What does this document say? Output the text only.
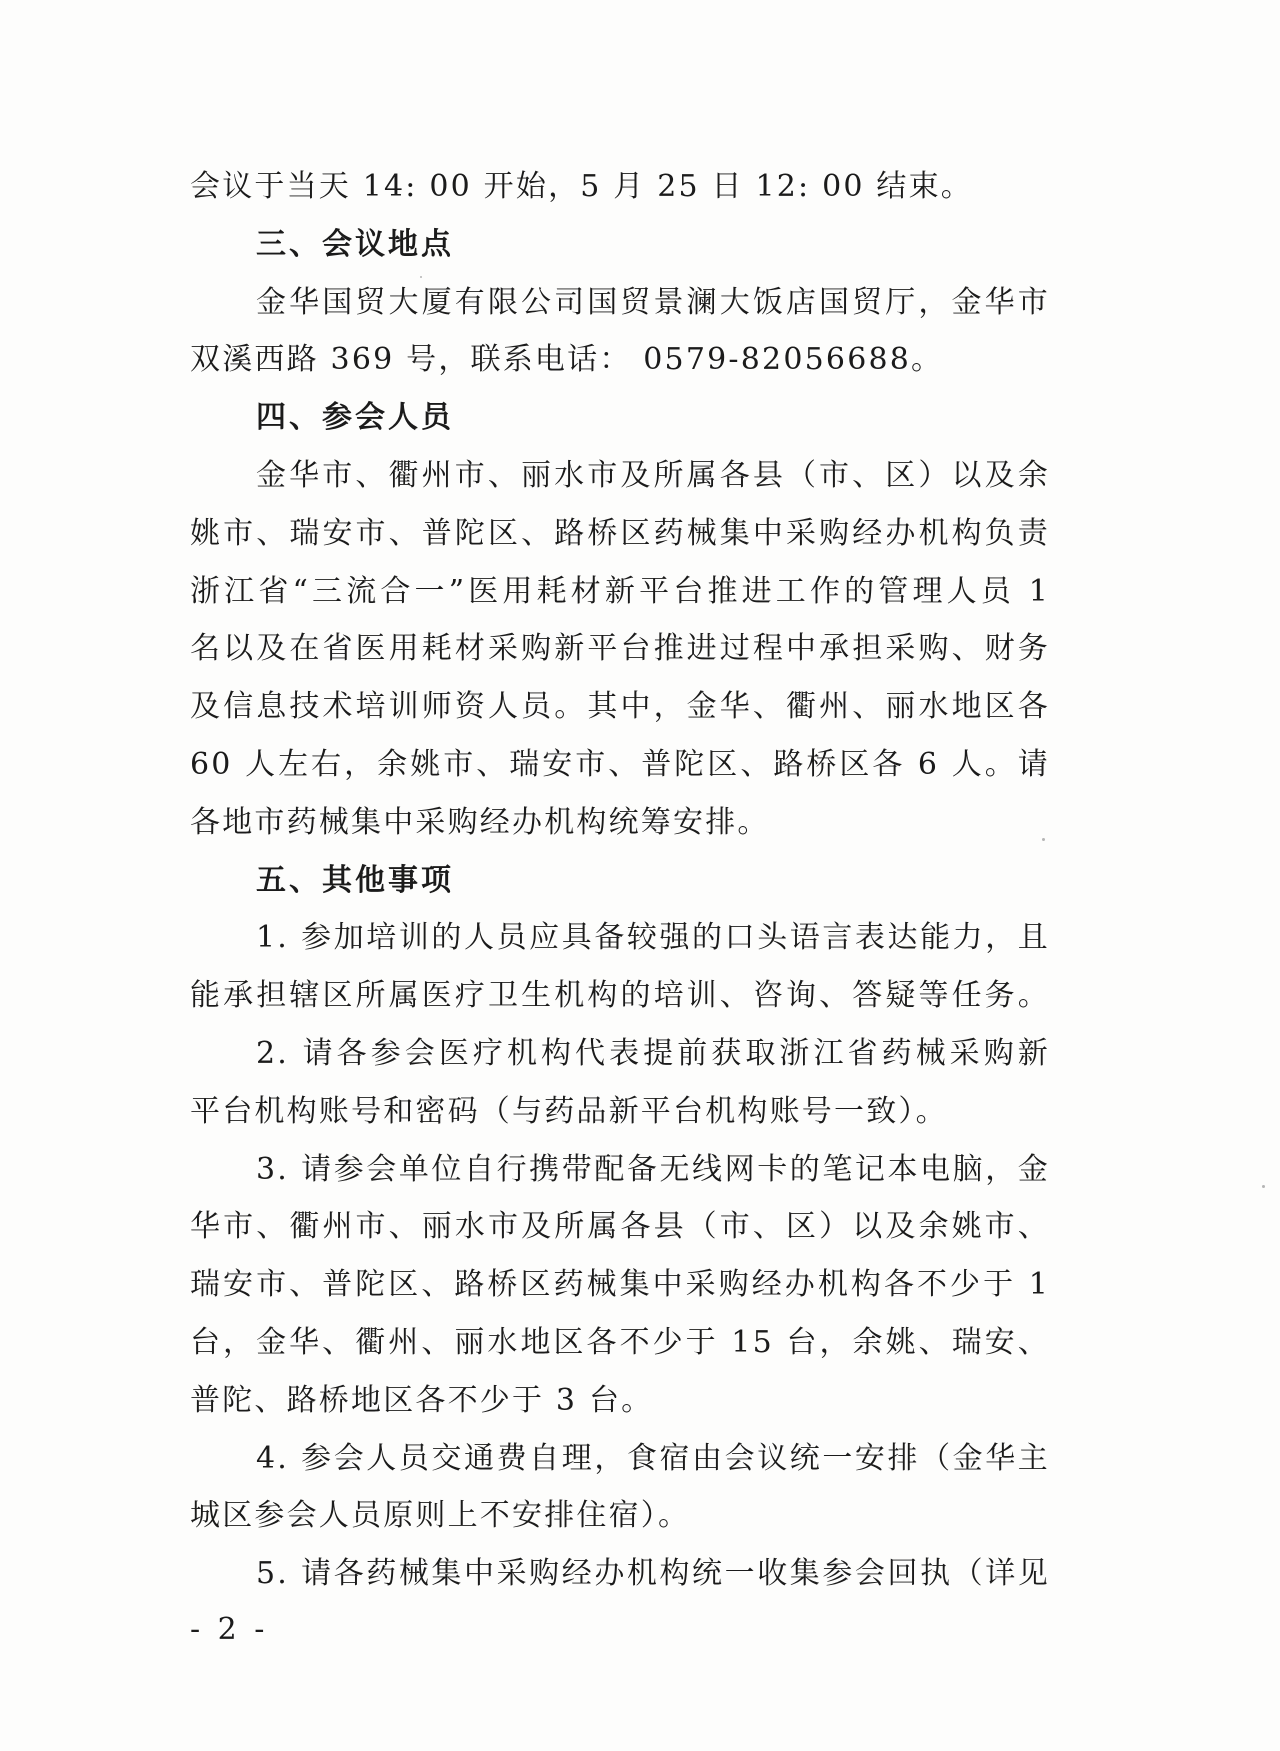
会议于当天 14: 00 开始，5 月 25 日 12: 00 结束。
三、会议地点
金华国贸大厦有限公司国贸景澜大饭店国贸厅，金华市
双溪西路 369 号，联系电话： 0579-82056688。
四、参会人员
金华市、衢州市、丽水市及所属各县（市、区）以及余
姚市、瑞安市、普陀区、路桥区药械集中采购经办机构负责
浙江省“三流合一”医用耗材新平台推进工作的管理人员 1
名以及在省医用耗材采购新平台推进过程中承担采购、财务
及信息技术培训师资人员。其中，金华、衢州、丽水地区各
60 人左右，余姚市、瑞安市、普陀区、路桥区各 6 人。请
各地市药械集中采购经办机构统筹安排。
五、其他事项
1. 参加培训的人员应具备较强的口头语言表达能力，且
能承担辖区所属医疗卫生机构的培训、咨询、答疑等任务。
2. 请各参会医疗机构代表提前获取浙江省药械采购新
平台机构账号和密码（与药品新平台机构账号一致）。
3. 请参会单位自行携带配备无线网卡的笔记本电脑，金
华市、衢州市、丽水市及所属各县（市、区）以及余姚市、
瑞安市、普陀区、路桥区药械集中采购经办机构各不少于 1
台，金华、衢州、丽水地区各不少于 15 台，余姚、瑞安、
普陀、路桥地区各不少于 3 台。
4. 参会人员交通费自理，食宿由会议统一安排（金华主
城区参会人员原则上不安排住宿）。
5. 请各药械集中采购经办机构统一收集参会回执（详见
- 2 -
